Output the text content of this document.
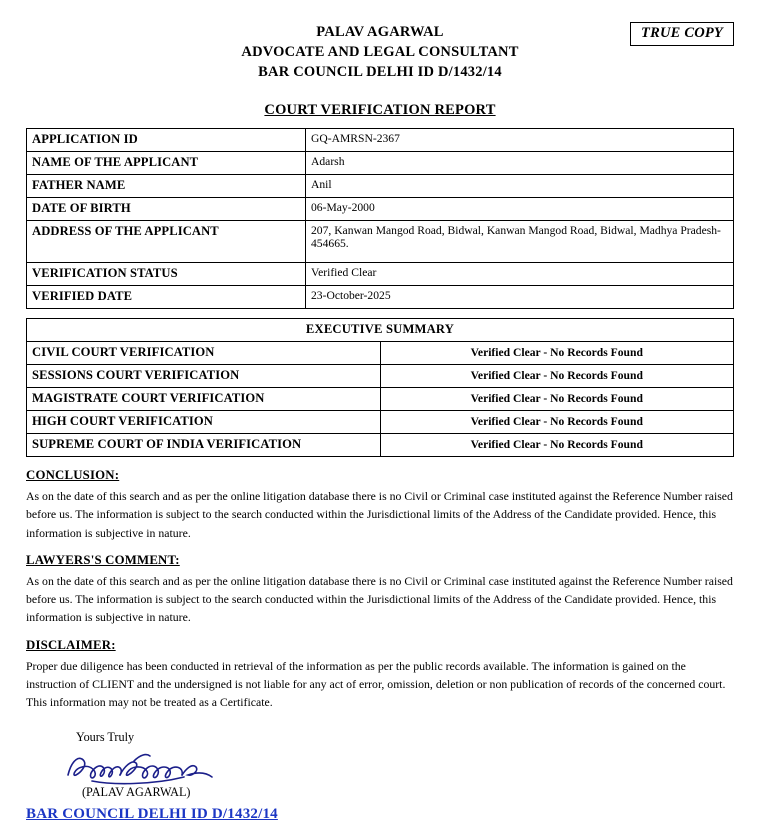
TRUE COPY
PALAV AGARWAL
ADVOCATE AND LEGAL CONSULTANT
BAR COUNCIL DELHI ID D/1432/14
COURT VERIFICATION REPORT
APPLICATION ID	GQ-AMRSN-2367
NAME OF THE APPLICANT	Adarsh
FATHER NAME	Anil
DATE OF BIRTH	06-May-2000
ADDRESS OF THE APPLICANT	207, Kanwan Mangod Road, Bidwal, Kanwan Mangod Road, Bidwal, Madhya Pradesh-454665.
VERIFICATION STATUS	Verified Clear
VERIFIED DATE	23-October-2025
EXECUTIVE SUMMARY	
CIVIL COURT VERIFICATION	Verified Clear - No Records Found
SESSIONS COURT VERIFICATION	Verified Clear - No Records Found
MAGISTRATE COURT VERIFICATION	Verified Clear - No Records Found
HIGH COURT VERIFICATION	Verified Clear - No Records Found
SUPREME COURT OF INDIA VERIFICATION	Verified Clear - No Records Found
CONCLUSION:
As on the date of this search and as per the online litigation database there is no Civil or Criminal case instituted against the Reference Number raised before us. The information is subject to the search conducted within the Jurisdictional limits of the Address of the Candidate provided. Hence, this information is subjective in nature.
LAWYERS'S COMMENT:
As on the date of this search and as per the online litigation database there is no Civil or Criminal case instituted against the Reference Number raised before us. The information is subject to the search conducted within the Jurisdictional limits of the Address of the Candidate provided. Hence, this information is subjective in nature.
DISCLAIMER:
Proper due diligence has been conducted in retrieval of the information as per the public records available. The information is gained on the instruction of CLIENT and the undersigned is not liable for any act of error, omission, deletion or non publication of records of the concerned court. This information may not be treated as a Certificate.
Yours Truly
(PALAV AGARWAL)
BAR COUNCIL DELHI ID D/1432/14
